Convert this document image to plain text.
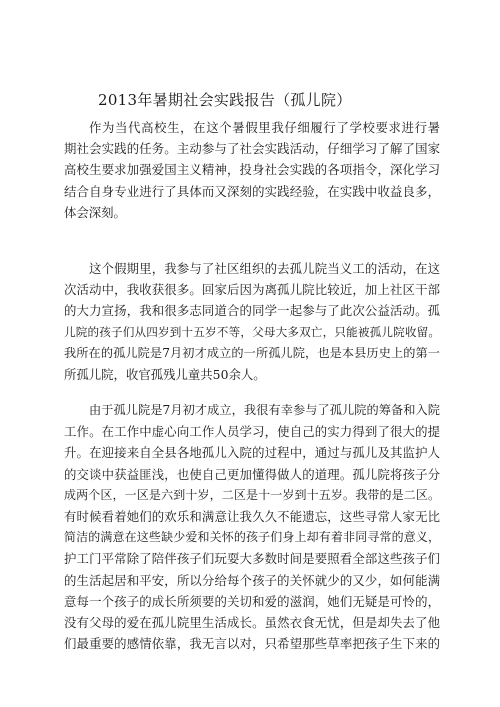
2013年暑期社会实践报告（孤儿院）
作为当代高校生，在这个暑假里我仔细履行了学校要求进行暑
期社会实践的任务。主动参与了社会实践活动，仔细学习了解了国家
高校生要求加强爱国主义精神，投身社会实践的各项指令，深化学习
结合自身专业进行了具体而又深刻的实践经验，在实践中收益良多，
体会深刻。
这个假期里，我参与了社区组织的去孤儿院当义工的活动，在这
次活动中，我收获很多。回家后因为离孤儿院比较近，加上社区干部
的大力宣扬，我和很多志同道合的同学一起参与了此次公益活动。孤
儿院的孩子们从四岁到十五岁不等，父母大多双亡，只能被孤儿院收留。
我所在的孤儿院是7月初才成立的一所孤儿院，也是本县历史上的第一
所孤儿院，收官孤残儿童共50余人。
由于孤儿院是7月初才成立，我很有幸参与了孤儿院的筹备和入院
工作。在工作中虚心向工作人员学习，使自己的实力得到了很大的提
升。在迎接来自全县各地孤儿入院的过程中，通过与孤儿及其监护人
的交谈中获益匪浅，也使自己更加懂得做人的道理。孤儿院将孩子分
成两个区，一区是六到十岁，二区是十一岁到十五岁。我带的是二区。
有时候看着她们的欢乐和满意让我久久不能遗忘，这些寻常人家无比
简洁的满意在这些缺少爱和关怀的孩子们身上却有着非同寻常的意义，
护工门平常除了陪伴孩子们玩耍大多数时间是要照看全部这些孩子们
的生活起居和平安，所以分给每个孩子的关怀就少的又少，如何能满
意每一个孩子的成长所须要的关切和爱的滋润，她们无疑是可怜的，
没有父母的爱在孤儿院里生活成长。虽然衣食无忧，但是却失去了他
们最重要的感情依靠，我无言以对，只希望那些草率把孩子生下来的
